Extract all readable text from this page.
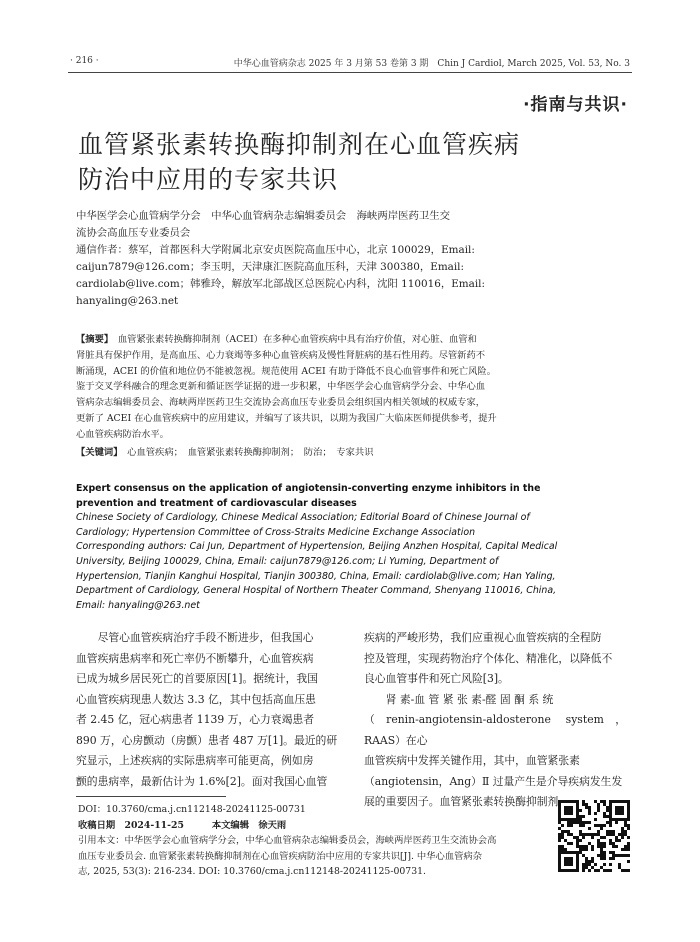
· 216 ·	中华心血管病杂志 2025 年 3 月第 53 卷第 3 期　Chin J Cardiol, March 2025, Vol. 53, No. 3
·指南与共识·
血管紧张素转换酶抑制剂在心血管疾病
防治中应用的专家共识
中华医学会心血管病学分会　中华心血管病杂志编辑委员会　海峡两岸医药卫生交
流协会高血压专业委员会
通信作者：蔡军，首都医科大学附属北京安贞医院高血压中心，北京 100029，Email:
caijun7879@126.com；李玉明，天津康汇医院高血压科，天津 300380，Email:
cardiolab@live.com；韩雅玲，解放军北部战区总医院心内科，沈阳 110016，Email:
hanyaling@263.net
【摘要】　 血管紧张素转换酶抑制剂（ACEI）在多种心血管疾病中具有治疗价值，对心脏、血管和
肾脏具有保护作用，是高血压、心力衰竭等多种心血管疾病及慢性肾脏病的基石性用药。尽管新药不
断涌现，ACEI 的价值和地位仍不能被忽视。规范使用 ACEI 有助于降低不良心血管事件和死亡风险。
鉴于交叉学科融合的理念更新和循证医学证据的进一步积累，中华医学会心血管病学分会、中华心血
管病杂志编辑委员会、海峡两岸医药卫生交流协会高血压专业委员会组织国内相关领域的权威专家，
更新了 ACEI 在心血管疾病中的应用建议，并编写了该共识，以期为我国广大临床医师提供参考，提升
心血管疾病防治水平。
【关键词】　 心血管疾病；　血管紧张素转换酶抑制剂；　防治；　专家共识
Expert consensus on the application of angiotensin-converting enzyme inhibitors in the
prevention and treatment of cardiovascular diseases
Chinese Society of Cardiology, Chinese Medical Association; Editorial Board of Chinese Journal of
Cardiology; Hypertension Committee of Cross-Straits Medicine Exchange Association
Corresponding authors: Cai Jun, Department of Hypertension, Beijing Anzhen Hospital, Capital Medical
University, Beijing 100029, China, Email: caijun7879@126.com; Li Yuming, Department of
Hypertension, Tianjin Kanghui Hospital, Tianjin 300380, China, Email: cardiolab@live.com; Han Yaling,
Department of Cardiology, General Hospital of Northern Theater Command, Shenyang 110016, China,
Email: hanyaling@263.net
　　尽管心血管疾病治疗手段不断进步，但我国心
血管疾病患病率和死亡率仍不断攀升，心血管疾病
已成为城乡居民死亡的首要原因[1]。据统计，我国
心血管疾病现患人数达 3.3 亿，其中包括高血压患
者 2.45 亿，冠心病患者 1139 万，心力衰竭患者
890 万，心房颤动（房颤）患者 487 万[1]。最近的研
究显示，上述疾病的实际患病率可能更高，例如房
颤的患病率，最新估计为 1.6%[2]。面对我国心血管
疾病的严峻形势，我们应重视心血管疾病的全程防
控及管理，实现药物治疗个体化、精准化，以降低不
良心血管事件和死亡风险[3]。
　　肾 素-血 管 紧 张 素-醛 固 酮 系 统
（renin-angiotensin-aldosterone system，RAAS）在心
血管疾病中发挥关键作用，其中，血管紧张素
（angiotensin，Ang）Ⅱ 过量产生是介导疾病发生发
展的重要因子。血管紧张素转换酶抑制剂
DOI：10.3760/cma.j.cn112148-20241125-00731
收稿日期　2024-11-25　　　本文编辑　徐天雨
引用本文：中华医学会心血管病学分会，中华心血管病杂志编辑委员会，海峡两岸医药卫生交流协会高
血压专业委员会. 血管紧张素转换酶抑制剂在心血管疾病防治中应用的专家共识[J]. 中华心血管病杂
志, 2025, 53(3): 216-234. DOI: 10.3760/cma.j.cn112148-20241125-00731.
